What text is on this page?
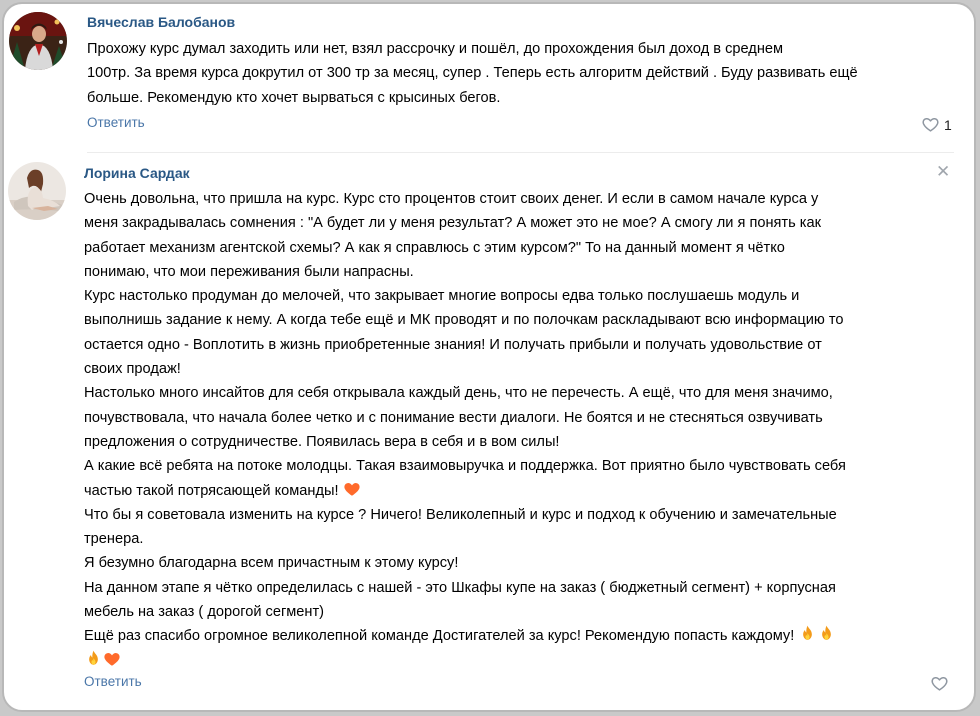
Вячеслав Балобанов
Прохожу курс думал заходить или нет, взял рассрочку и пошёл, до прохождения был доход в среднем
100тр. За время курса докрутил от 300 тр за месяц, супер . Теперь есть алгоритм действий . Буду развивать ещё
больше. Рекомендую кто хочет вырваться с крысиных бегов.
Ответить	1
Лорина Сардак	✕
Очень довольна, что пришла на курс. Курс сто процентов стоит своих денег. И если в самом начале курса у
меня закрадывалась сомнения : "А будет ли у меня результат? А может это не мое? А смогу ли я понять как
работает механизм агентской схемы? А как я справлюсь с этим курсом?" То на данный момент я чётко
понимаю, что мои переживания были напрасны.
Курс настолько продуман до мелочей, что закрывает многие вопросы едва только послушаешь модуль и
выполнишь задание к нему. А когда тебе ещё и МК проводят и по полочкам раскладывают всю информацию то
остается одно - Воплотить в жизнь приобретенные знания! И получать прибыли и получать удовольствие от
своих продаж!
Настолько много инсайтов для себя открывала каждый день, что не перечесть. А ещё, что для меня значимо,
почувствовала, что начала более четко и с понимание вести диалоги. Не боятся и не стесняться озвучивать
предложения о сотрудничестве. Появилась вера в себя и в вом силы!
А какие всё ребята на потоке молодцы. Такая взаимовыручка и поддержка. Вот приятно было чувствовать себя
частью такой потрясающей команды!
Что бы я советовала изменить на курсе ? Ничего! Великолепный и курс и подход к обучению и замечательные
тренера.
Я безумно благодарна всем причастным к этому курсу!
На данном этапе я чётко определилась с нашей - это Шкафы купе на заказ ( бюджетный сегмент) + корпусная
мебель на заказ ( дорогой сегмент)
Ещё раз спасибо огромное великолепной команде Достигателей за курс! Рекомендую попасть каждому!
Ответить
